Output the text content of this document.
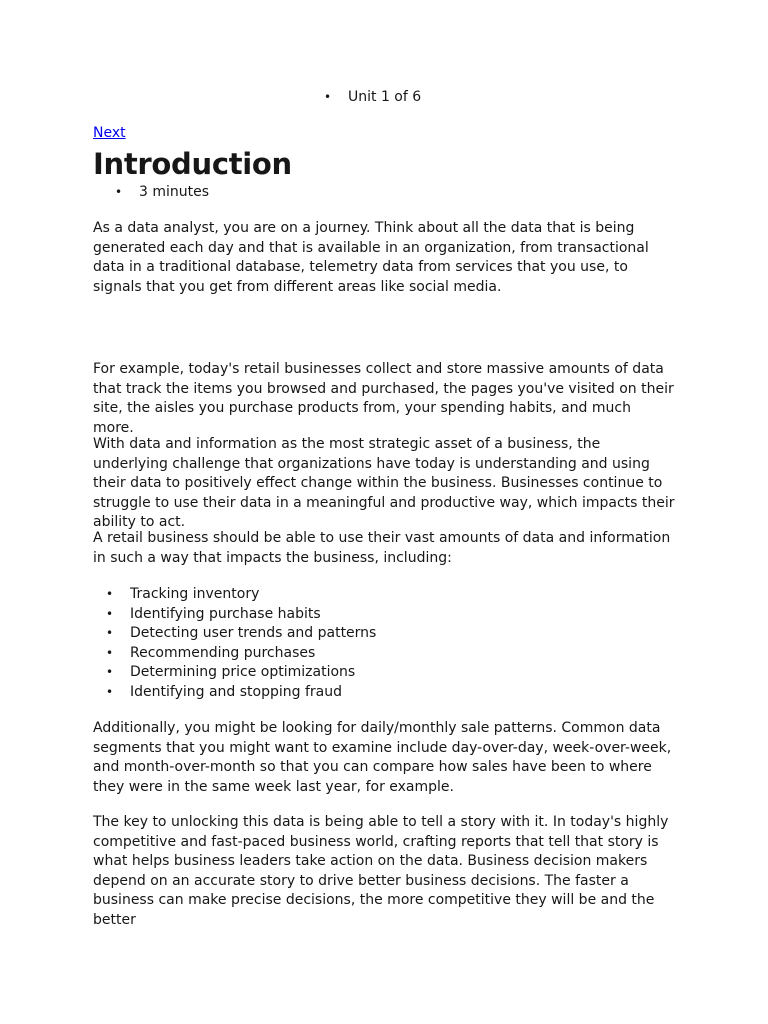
• Unit 1 of 6
Next
Introduction
• 3 minutes

As a data analyst, you are on a journey. Think about all the data that is being generated each day and that is available in an organization, from transactional data in a traditional database, telemetry data from services that you use, to signals that you get from different areas like social media.

For example, today's retail businesses collect and store massive amounts of data that track the items you browsed and purchased, the pages you've visited on their site, the aisles you purchase products from, your spending habits, and much more.

With data and information as the most strategic asset of a business, the underlying challenge that organizations have today is understanding and using their data to positively effect change within the business. Businesses continue to struggle to use their data in a meaningful and productive way, which impacts their ability to act.

A retail business should be able to use their vast amounts of data and information in such a way that impacts the business, including:

• Tracking inventory
• Identifying purchase habits
• Detecting user trends and patterns
• Recommending purchases
• Determining price optimizations
• Identifying and stopping fraud

Additionally, you might be looking for daily/monthly sale patterns. Common data segments that you might want to examine include day-over-day, week-over-week, and month-over-month so that you can compare how sales have been to where they were in the same week last year, for example.

The key to unlocking this data is being able to tell a story with it. In today's highly competitive and fast-paced business world, crafting reports that tell that story is what helps business leaders take action on the data. Business decision makers depend on an accurate story to drive better business decisions. The faster a business can make precise decisions, the more competitive they will be and the better
